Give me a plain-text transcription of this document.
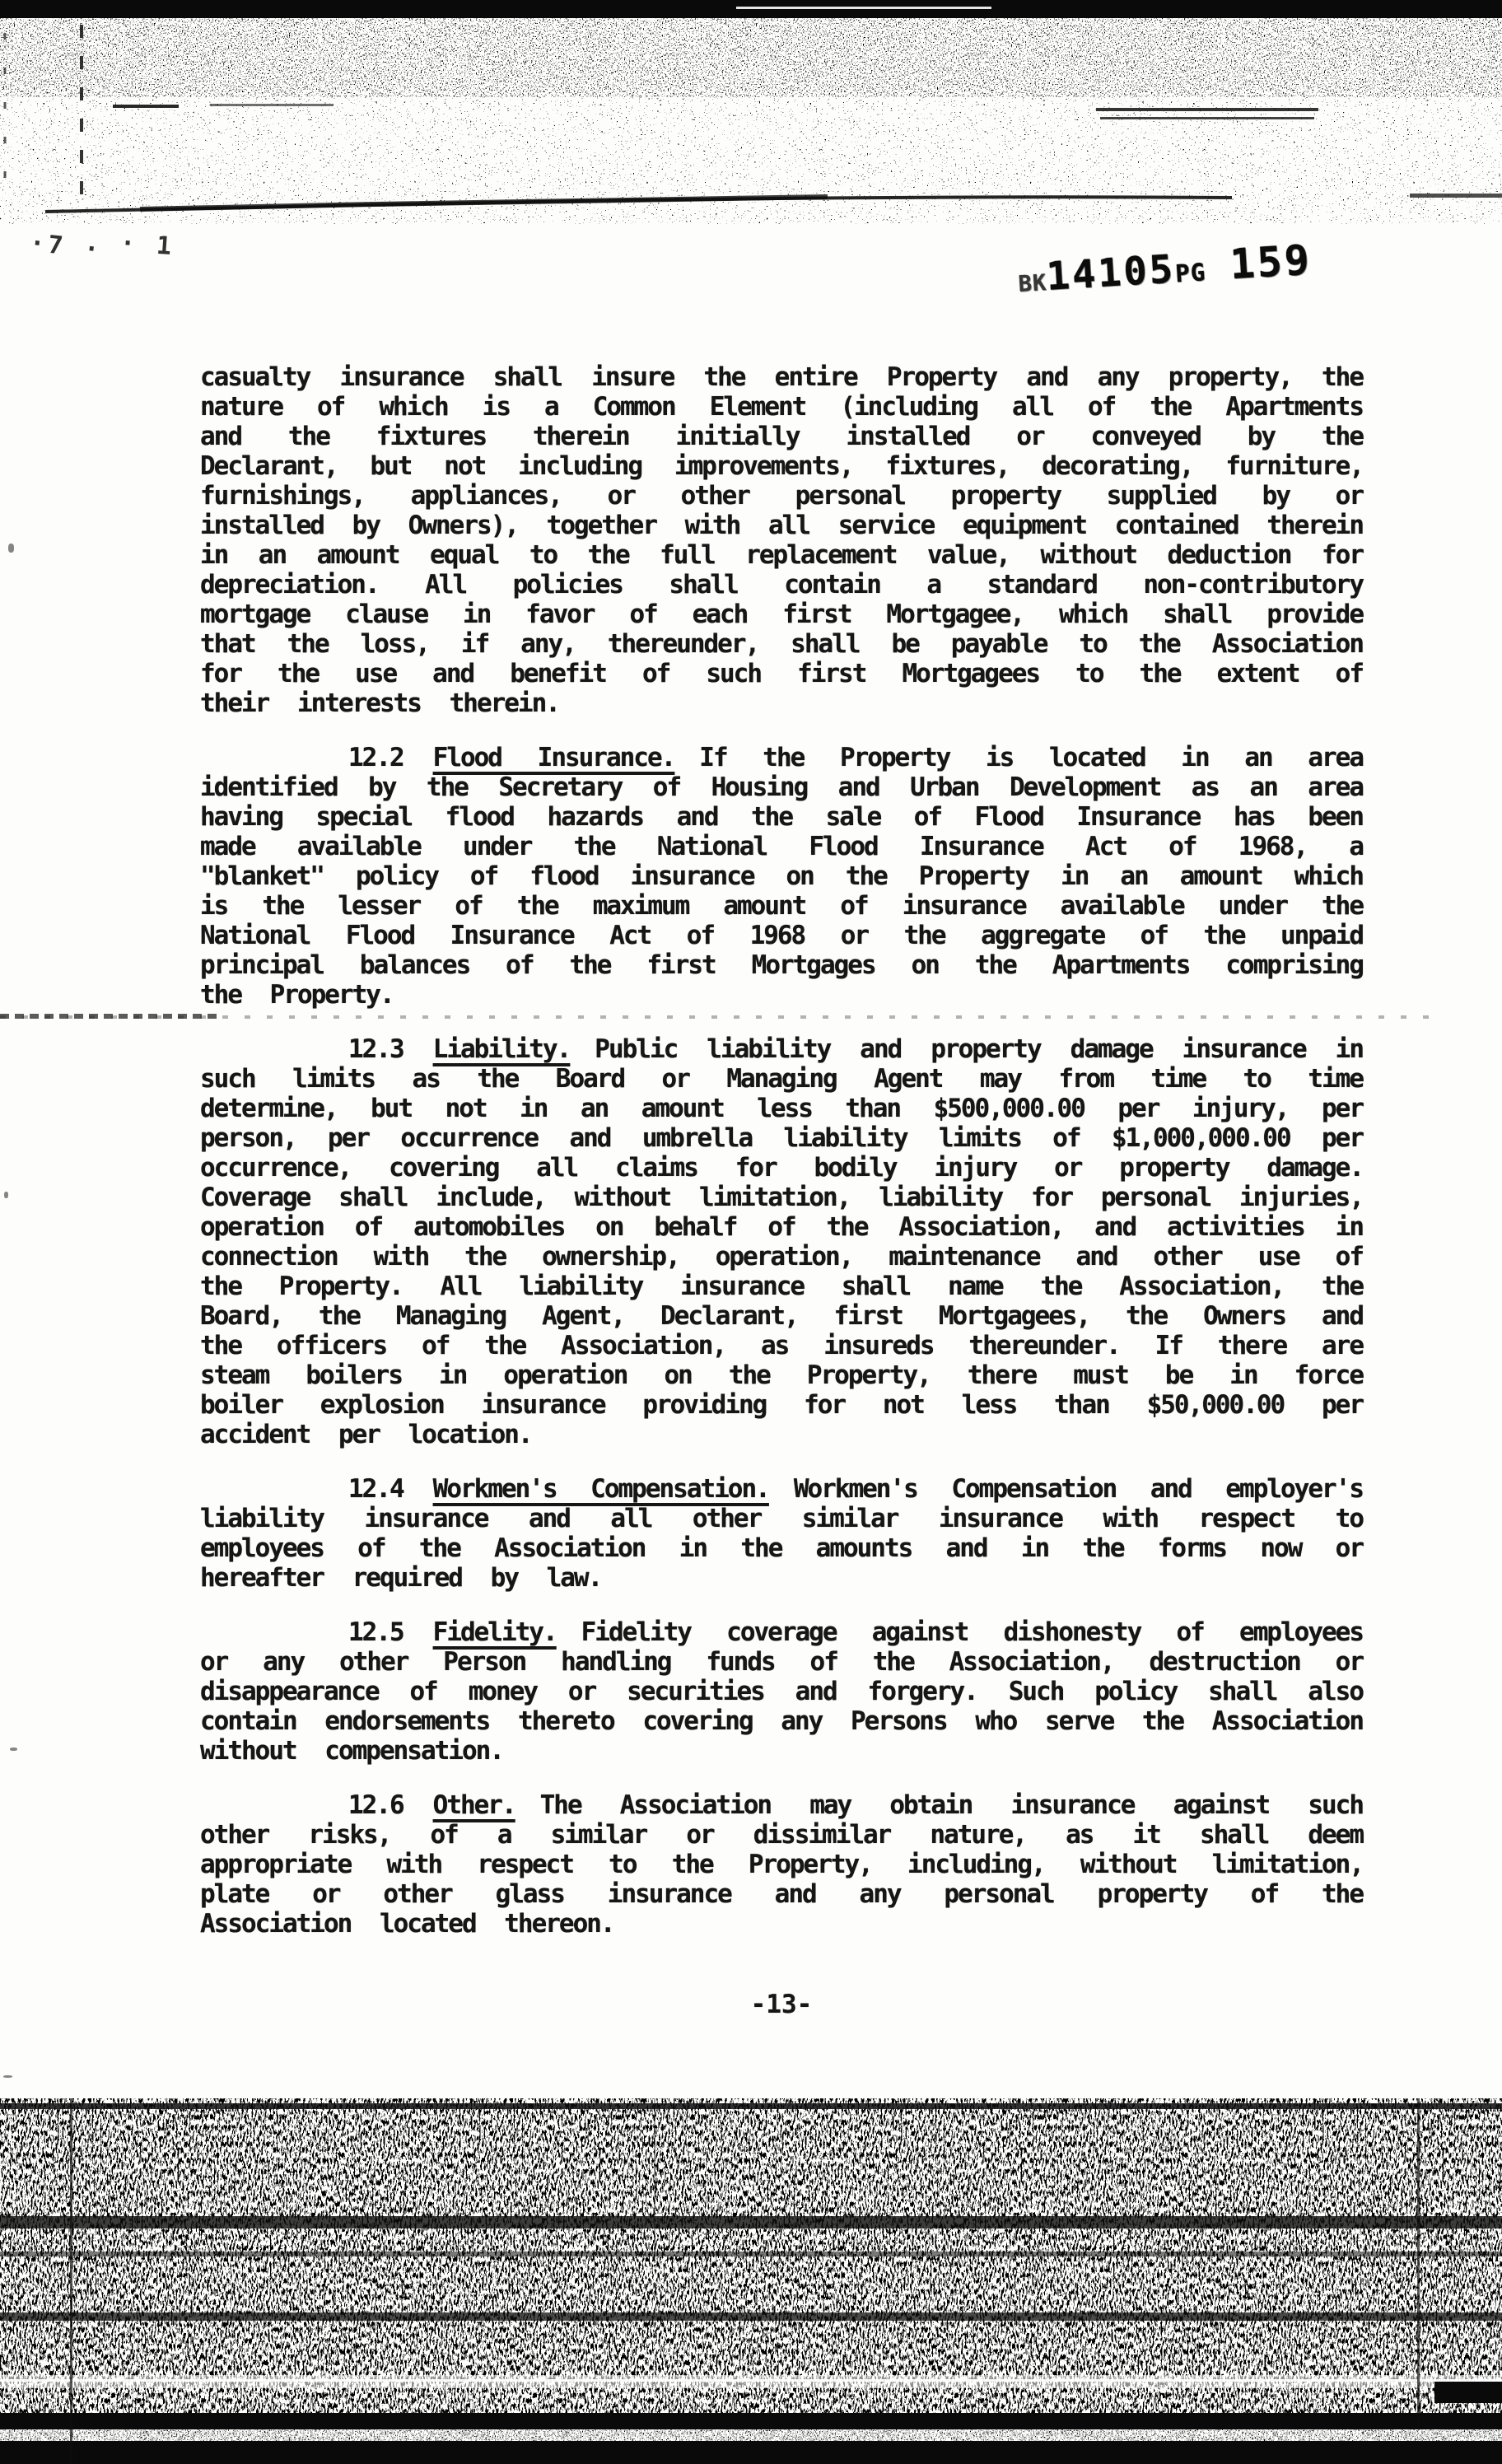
BK14105PG 159
·7 · · 1

casualty insurance shall insure the entire Property and any property, the nature of which is a Common Element (including all of the Apartments and the fixtures therein initially installed or conveyed by the Declarant, but not including improvements, fixtures, decorating, furniture, furnishings, appliances, or other personal property supplied by or installed by Owners), together with all service equipment contained therein in an amount equal to the full replacement value, without deduction for depreciation. All policies shall contain a standard non-contributory mortgage clause in favor of each first Mortgagee, which shall provide that the loss, if any, thereunder, shall be payable to the Association for the use and benefit of such first Mortgagees to the extent of their interests therein.

12.2 Flood Insurance. If the Property is located in an area identified by the Secretary of Housing and Urban Development as an area having special flood hazards and the sale of Flood Insurance has been made available under the National Flood Insurance Act of 1968, a "blanket" policy of flood insurance on the Property in an amount which is the lesser of the maximum amount of insurance available under the National Flood Insurance Act of 1968 or the aggregate of the unpaid principal balances of the first Mortgages on the Apartments comprising the Property.

12.3 Liability. Public liability and property damage insurance in such limits as the Board or Managing Agent may from time to time determine, but not in an amount less than $500,000.00 per injury, per person, per occurrence and umbrella liability limits of $1,000,000.00 per occurrence, covering all claims for bodily injury or property damage. Coverage shall include, without limitation, liability for personal injuries, operation of automobiles on behalf of the Association, and activities in connection with the ownership, operation, maintenance and other use of the Property. All liability insurance shall name the Association, the Board, the Managing Agent, Declarant, first Mortgagees, the Owners and the officers of the Association, as insureds thereunder. If there are steam boilers in operation on the Property, there must be in force boiler explosion insurance providing for not less than $50,000.00 per accident per location.

12.4 Workmen's Compensation. Workmen's Compensation and employer's liability insurance and all other similar insurance with respect to employees of the Association in the amounts and in the forms now or hereafter required by law.

12.5 Fidelity. Fidelity coverage against dishonesty of employees or any other Person handling funds of the Association, destruction or disappearance of money or securities and forgery. Such policy shall also contain endorsements thereto covering any Persons who serve the Association without compensation.

12.6 Other. The Association may obtain insurance against such other risks, of a similar or dissimilar nature, as it shall deem appropriate with respect to the Property, including, without limitation, plate or other glass insurance and any personal property of the Association located thereon.

-13-
